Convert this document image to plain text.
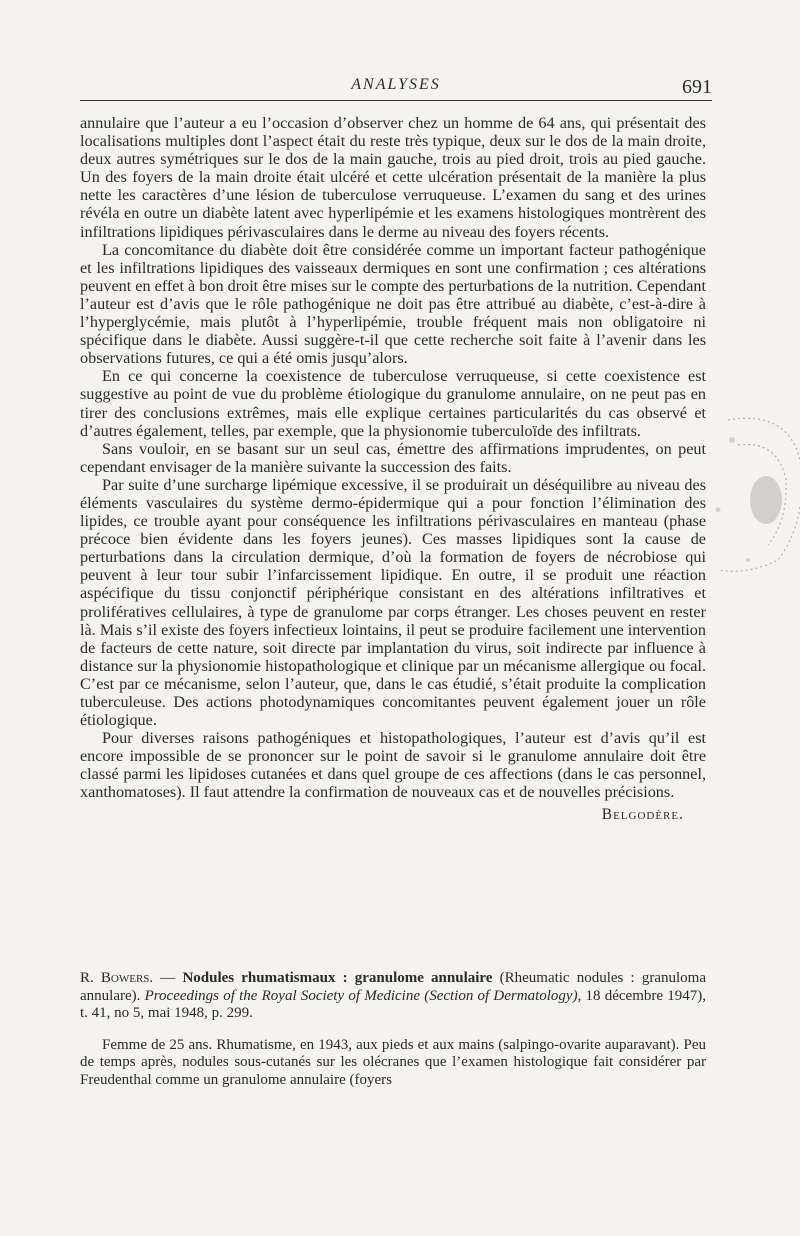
ANALYSES	691

annulaire que l’auteur a eu l’occasion d’observer chez un homme de 64 ans, qui présentait des localisations multiples dont l’aspect était du reste très typique, deux sur le dos de la main droite, deux autres symétriques sur le dos de la main gauche, trois au pied droit, trois au pied gauche. Un des foyers de la main droite était ulcéré et cette ulcération présentait de la manière la plus nette les caractères d’une lésion de tuberculose verruqueuse. L’examen du sang et des urines révéla en outre un diabète latent avec hyperlipémie et les examens histologiques montrèrent des infiltrations lipidiques périvasculaires dans le derme au niveau des foyers récents.

La concomitance du diabète doit être considérée comme un important facteur pathogénique et les infiltrations lipidiques des vaisseaux dermiques en sont une confirmation ; ces altérations peuvent en effet à bon droit être mises sur le compte des perturbations de la nutrition. Cependant l’auteur est d’avis que le rôle pathogénique ne doit pas être attribué au diabète, c’est-à-dire à l’hyperglycémie, mais plutôt à l’hyperlipémie, trouble fréquent mais non obligatoire ni spécifique dans le diabète. Aussi suggère-t-il que cette recherche soit faite à l’avenir dans les observations futures, ce qui a été omis jusqu’alors.

En ce qui concerne la coexistence de tuberculose verruqueuse, si cette coexistence est suggestive au point de vue du problème étiologique du granulome annulaire, on ne peut pas en tirer des conclusions extrêmes, mais elle explique certaines particularités du cas observé et d’autres également, telles, par exemple, que la physionomie tuberculoïde des infiltrats.

Sans vouloir, en se basant sur un seul cas, émettre des affirmations imprudentes, on peut cependant envisager de la manière suivante la succession des faits.

Par suite d’une surcharge lipémique excessive, il se produirait un déséquilibre au niveau des éléments vasculaires du système dermo-épidermique qui a pour fonction l’élimination des lipides, ce trouble ayant pour conséquence les infiltrations périvasculaires en manteau (phase précoce bien évidente dans les foyers jeunes). Ces masses lipidiques sont la cause de perturbations dans la circulation dermique, d’où la formation de foyers de nécrobiose qui peuvent à leur tour subir l’infarcissement lipidique. En outre, il se produit une réaction aspécifique du tissu conjonctif périphérique consistant en des altérations infiltratives et prolifératives cellulaires, à type de granulome par corps étranger. Les choses peuvent en rester là. Mais s’il existe des foyers infectieux lointains, il peut se produire facilement une intervention de facteurs de cette nature, soit directe par implantation du virus, soit indirecte par influence à distance sur la physionomie histopathologique et clinique par un mécanisme allergique ou focal. C’est par ce mécanisme, selon l’auteur, que, dans le cas étudié, s’était produite la complication tuberculeuse. Des actions photodynamiques concomitantes peuvent également jouer un rôle étiologique.

Pour diverses raisons pathogéniques et histopathologiques, l’auteur est d’avis qu’il est encore impossible de se prononcer sur le point de savoir si le granulome annulaire doit être classé parmi les lipidoses cutanées et dans quel groupe de ces affections (dans le cas personnel, xanthomatoses). Il faut attendre la confirmation de nouveaux cas et de nouvelles précisions.

Belgodère.

R. Bowers. — Nodules rhumatismaux : granulome annulaire (Rheumatic nodules : granuloma annulare). Proceedings of the Royal Society of Medicine (Section of Dermatology), 18 décembre 1947), t. 41, no 5, mai 1948, p. 299.

Femme de 25 ans. Rhumatisme, en 1943, aux pieds et aux mains (salpingo-ovarite auparavant). Peu de temps après, nodules sous-cutanés sur les olécranes que l’examen histologique fait considérer par Freudenthal comme un granulome annulaire (foyers
